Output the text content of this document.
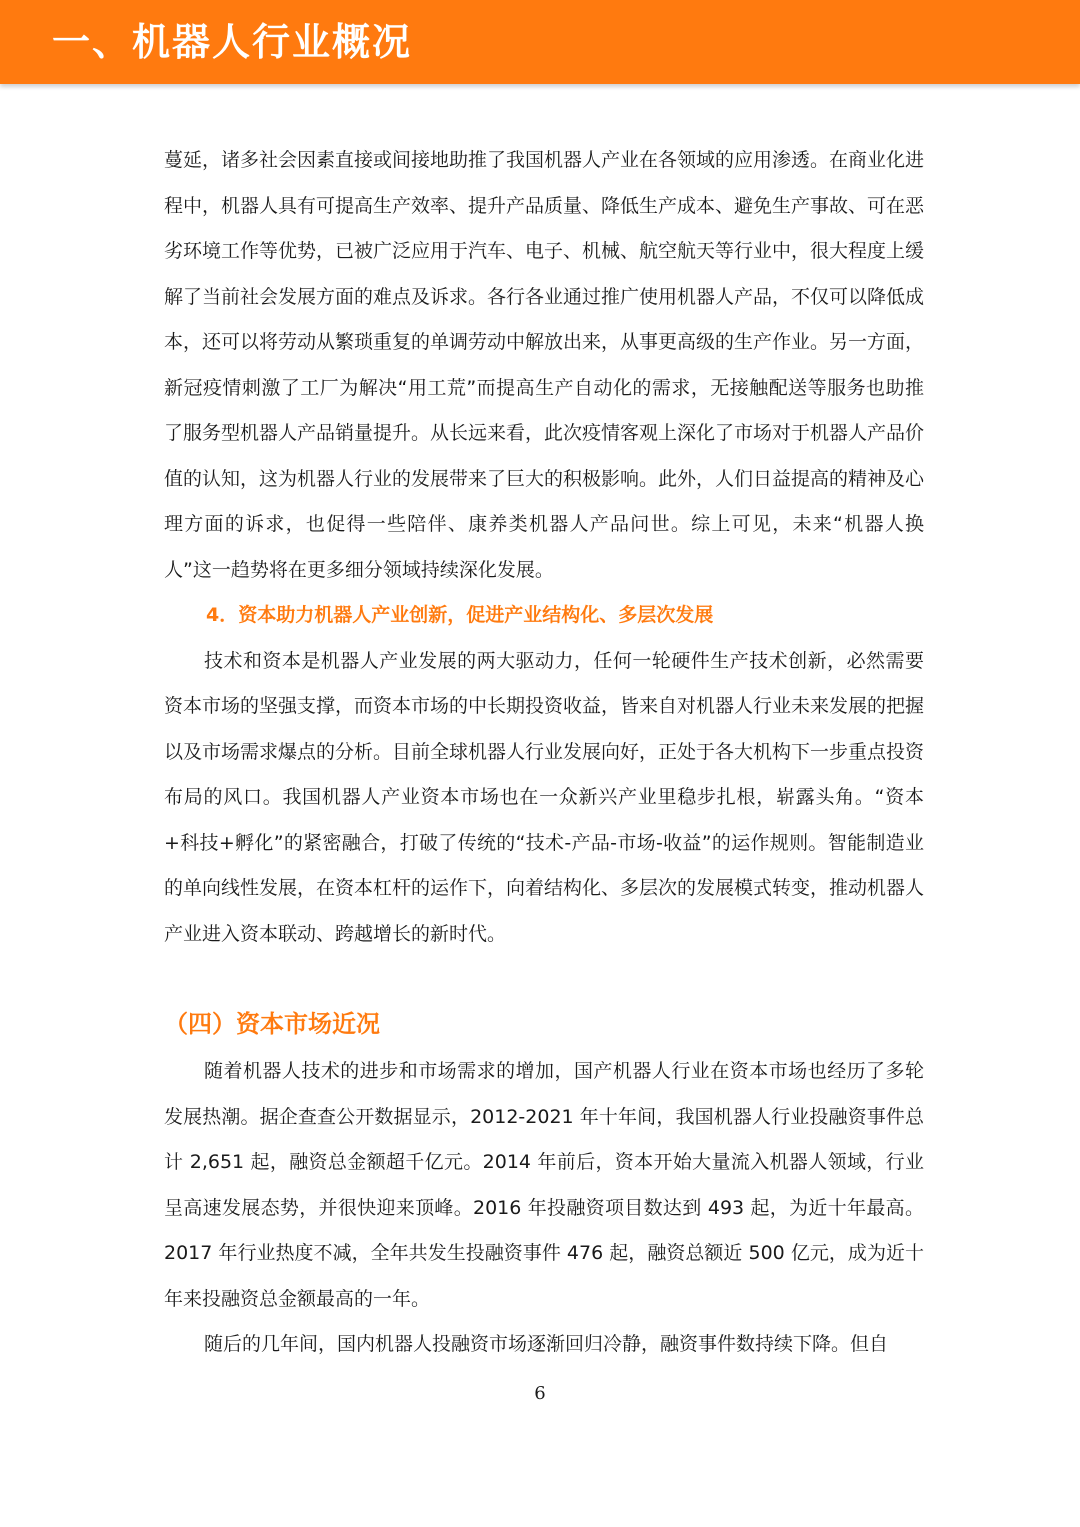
一、机器人行业概况

蔓延，诸多社会因素直接或间接地助推了我国机器人产业在各领域的应用渗透。在商业化进程中，机器人具有可提高生产效率、提升产品质量、降低生产成本、避免生产事故、可在恶劣环境工作等优势，已被广泛应用于汽车、电子、机械、航空航天等行业中，很大程度上缓解了当前社会发展方面的难点及诉求。各行各业通过推广使用机器人产品，不仅可以降低成本，还可以将劳动从繁琐重复的单调劳动中解放出来，从事更高级的生产作业。另一方面，新冠疫情刺激了工厂为解决“用工荒”而提高生产自动化的需求，无接触配送等服务也助推了服务型机器人产品销量提升。从长远来看，此次疫情客观上深化了市场对于机器人产品价值的认知，这为机器人行业的发展带来了巨大的积极影响。此外，人们日益提高的精神及心理方面的诉求，也促得一些陪伴、康养类机器人产品问世。综上可见，未来“机器人换人”这一趋势将在更多细分领域持续深化发展。

4．资本助力机器人产业创新，促进产业结构化、多层次发展

技术和资本是机器人产业发展的两大驱动力，任何一轮硬件生产技术创新，必然需要资本市场的坚强支撑，而资本市场的中长期投资收益，皆来自对机器人行业未来发展的把握以及市场需求爆点的分析。目前全球机器人行业发展向好，正处于各大机构下一步重点投资布局的风口。我国机器人产业资本市场也在一众新兴产业里稳步扎根，崭露头角。“资本+科技+孵化”的紧密融合，打破了传统的“技术-产品-市场-收益”的运作规则。智能制造业的单向线性发展，在资本杠杆的运作下，向着结构化、多层次的发展模式转变，推动机器人产业进入资本联动、跨越增长的新时代。

（四）资本市场近况

随着机器人技术的进步和市场需求的增加，国产机器人行业在资本市场也经历了多轮发展热潮。据企查查公开数据显示，2012-2021 年十年间，我国机器人行业投融资事件总计 2,651 起，融资总金额超千亿元。2014 年前后，资本开始大量流入机器人领域，行业呈高速发展态势，并很快迎来顶峰。2016 年投融资项目数达到 493 起，为近十年最高。2017 年行业热度不减，全年共发生投融资事件 476 起，融资总额近 500 亿元，成为近十年来投融资总金额最高的一年。

随后的几年间，国内机器人投融资市场逐渐回归冷静，融资事件数持续下降。但自

6
